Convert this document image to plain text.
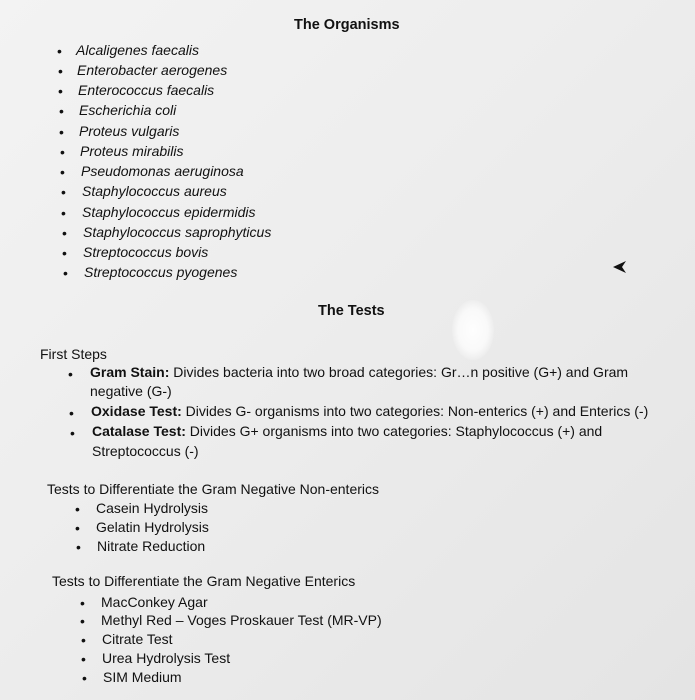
The Organisms
• Alcaligenes faecalis
• Enterobacter aerogenes
• Enterococcus faecalis
• Escherichia coli
• Proteus vulgaris
• Proteus mirabilis
• Pseudomonas aeruginosa
• Staphylococcus aureus
• Staphylococcus epidermidis
• Staphylococcus saprophyticus
• Streptococcus bovis
• Streptococcus pyogenes
The Tests
First Steps
• Gram Stain: Divides bacteria into two broad categories: Gr…n positive (G+) and Gram
negative (G-)
• Oxidase Test: Divides G- organisms into two categories: Non-enterics (+) and Enterics (-)
• Catalase Test: Divides G+ organisms into two categories: Staphylococcus (+) and
Streptococcus (-)
Tests to Differentiate the Gram Negative Non-enterics
• Casein Hydrolysis
• Gelatin Hydrolysis
• Nitrate Reduction
Tests to Differentiate the Gram Negative Enterics
• MacConkey Agar
• Methyl Red – Voges Proskauer Test (MR-VP)
• Citrate Test
• Urea Hydrolysis Test
• SIM Medium
